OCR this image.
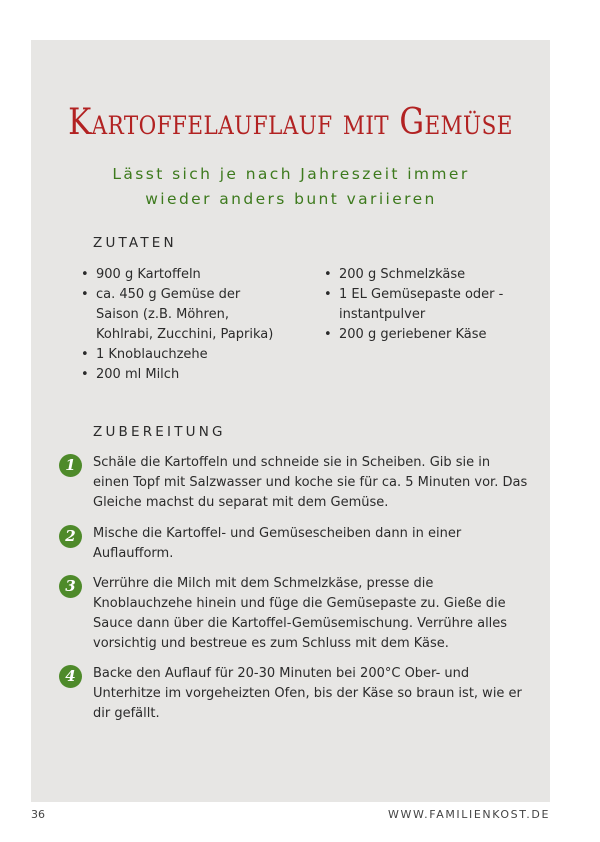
Kartoffelauflauf mit Gemüse

Lässt sich je nach Jahreszeit immer
wieder anders bunt variieren

ZUTATEN
• 900 g Kartoffeln
• ca. 450 g Gemüse der Saison (z.B. Möhren, Kohlrabi, Zucchini, Paprika)
• 1 Knoblauchzehe
• 200 ml Milch
• 200 g Schmelzkäse
• 1 EL Gemüsepaste oder -instantpulver
• 200 g geriebener Käse
ZUBEREITUNG
1	Schäle die Kartoffeln und schneide sie in Scheiben. Gib sie in einen Topf mit Salzwasser und koche sie für ca. 5 Minuten vor. Das Gleiche machst du separat mit dem Gemüse.
2	Mische die Kartoffel- und Gemüsescheiben dann in einer Auflaufform.
3	Verrühre die Milch mit dem Schmelzkäse, presse die Knoblauchzehe hinein und füge die Gemüsepaste zu. Gieße die Sauce dann über die Kartoffel-Gemüsemischung. Verrühre alles vorsichtig und bestreue es zum Schluss mit dem Käse.
4	Backe den Auflauf für 20-30 Minuten bei 200°C Ober- und Unterhitze im vorgeheizten Ofen, bis der Käse so braun ist, wie er dir gefällt.
36	WWW.FAMILIENKOST.DE
